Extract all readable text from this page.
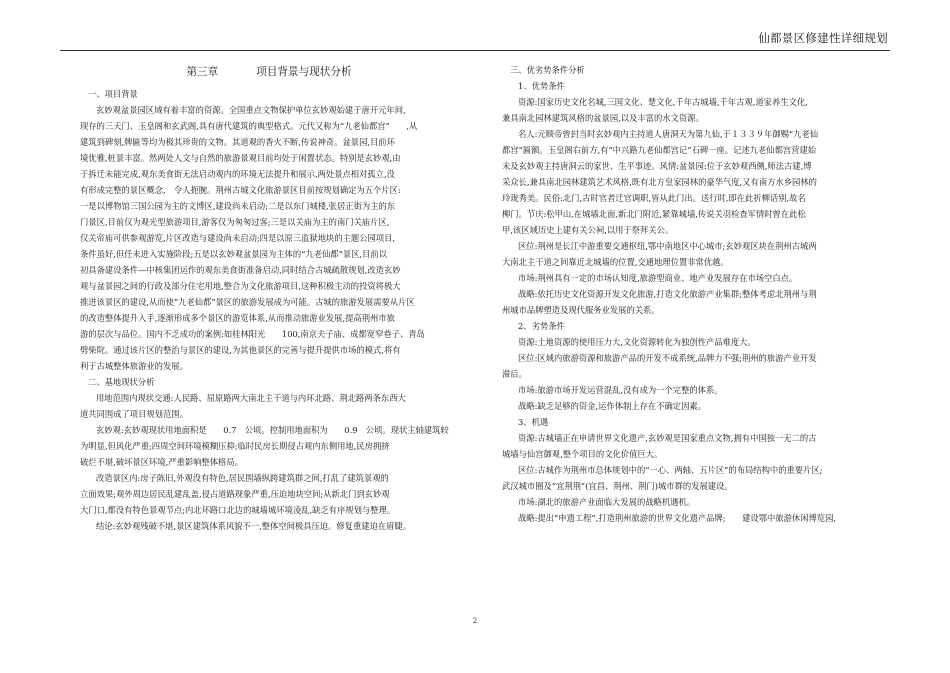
仙都景区修建性详细规划
第三章	项目背景与现状分析
一、项目背景
玄妙观盆景园区域有着丰富的资源。全国重点文物保护单位玄妙观始建于唐开元年间,
现存的三天门、玉皇阁和玄武阁,具有唐代建筑的典型格式。元代又称为“九老仙都宫”　　,从
建筑到碑刻,牌匾等均为极其珍贵的文物。其道观的香火不断,传说神奇。盆景园,目前环
境优雅,桩景丰富。然两处人文与自然的旅游景观目前均处于闲置状态。特别是玄妙观,由
于拆迁未能完成,观东美食街无法启动观内的环境无法提升和展示,两处景点相对孤立,没
有形成完整的景区概念,　令人扼腕。荆州古城文化旅游景区目前按规划确定为五个片区:
一是以博物馆三国公园为主的文博区,建设尚未启动;二是以东门城楼,张居正街为主的东
门景区,目前仅为观光型旅游项目,游客仅为匆匆过客;三是以关庙为主的南门关庙片区,
仅关帝庙可供参观游览,片区改造与建设尚未启动;四是以原三监狱地块的主题公园项目,
条件虽好,但任未进入实施阶段;五是以玄妙观盆景园为主体的“九老仙都”景区,目前以
初具备建设条件—中核集团运作的观东美食街准备启动,同时结合古城疏散规划,改造玄妙
观与盆景园之间的行政及部分住宅用地,整合为文化旅游项目,这种积极主动的投资将极大
推进该景区的建设,从而使“九老仙都”景区的旅游发展成为可能。古城的旅游发展需要从片区
的改造整体提升入手,逐渐形成多个景区的游览体系,从而推动旅游业发展,提高荆州市旅
游的层次与品位。国内不乏成功的案例:如桂林阳光　　100,南京夫子庙、成都宽窄巷子、青岛
劈柴院。通过该片区的整治与景区的建设,为其他景区的完善与提升提供市场的模式,将有
利于古城整体旅游业的发展。
二、基地现状分析
用地范围内现状交通:人民路、屈原路两大南北主干道与内环北路、荆北路两条东西大
道共同围成了项目规划范围。
玄妙观:玄妙观现状用地面积是　　0.7　公顷。控制用地面积为　　0.9　公顷。现状主轴建筑较
为明显,但风化严重;四周空间环境模糊压抑;临时民房长期侵占观内东侧用地,民房拥挤
破烂不堪,破坏景区环境,严重影响整体格局。
改造景区内:房子陈旧,外观没有特色,居民围墙纵跨建筑群之间,打乱了建筑景观的
立面效果;观外周边居民乱建乱盖,侵占道路现象严重,压迫地块空间;从新北门到玄妙观
大门口,都没有特色景观节点;内北环路口北边的城墙城环境凌乱,缺乏有序规划与整理。
结论:玄妙观残破不堪,景区建筑体系风貌不一,整体空间极具压迫。修复重建迫在眉睫。
三、优劣势条件分析
1、优势条件
资源:国家历史文化名城,三国文化、楚文化,千年古城墙,千年古观,道家养生文化,
兼具南北园林建筑风格的盆景园,以及丰富的水文资源。
名人:元顺帝曾封当时玄妙观内主持道人唐洞天为第九仙,于１３３９年御赐“九老仙
都宫”匾额。玉皇阁右前方,有“中兴路九老仙都宫记”石碑一座。记述九老仙都宫营建始
末及玄妙观主持唐洞云的家世、生平事迹。风情:盆景园:位于玄妙观西侧,师法古建,博
采众长,兼具南北园林建筑艺术风格,既有北方皇家园林的豪华气度,又有南方水乡园林的
玲珑秀美。民俗:北门,古时官者迁官调职,皆从此门出。送行时,即在此折柳话别,故名
柳门。节庆:松甲山,在城墙北面,新北门附近,紧靠城墙,传说关羽检查军情时曾在此松
甲,该区域历史上建有关公祠,以用于祭拜关公。
区位:荆州是长江中游重要交通枢纽,鄂中南地区中心城市;玄妙观区块在荆州古城两
大南北主干道之间靠近北城墙的位置,交通地理位置非常优越。
市场:荆州具有一定的市场认知度,旅游型商业、地产业发展存在市场空白点。
战略:依托历史文化资源开发文化旅游,打造文化旅游产业集群;整体考虑北荆州与荆
州城市品牌塑造及现代服务业发展的关系。
2、劣势条件
资源:土地资源的使用压力大,文化资源转化为独创性产品难度大。
区位:区域内旅游资源和旅游产品的开发不成系统,品牌力不强;荆州的旅游产业开发
滞后。
市场:旅游市场开发运营混乱,没有成为一个完整的体系。
战略:缺乏足够的资金,运作体制上存在不确定因素。
3、机遇
资源:古城墙正在申请世界文化遗产,玄妙观是国家重点文物,拥有中国独一无二的古
城墙与仙宫御观,整个项目的文化价值巨大。
区位:古城作为荆州市总体规划中的“一心、两轴、五片区”的布局结构中的重要片区;
武汉城市圈及“宜荆荆”(宜昌、荆州、荆门)城市群的发展建设。
市场:湖北的旅游产业面临大发展的战略机遇机。
战略:提出“申遗工程”,打造荆州旅游的世界文化遗产品牌;　　建设鄂中旅游休闲博览园,
2
